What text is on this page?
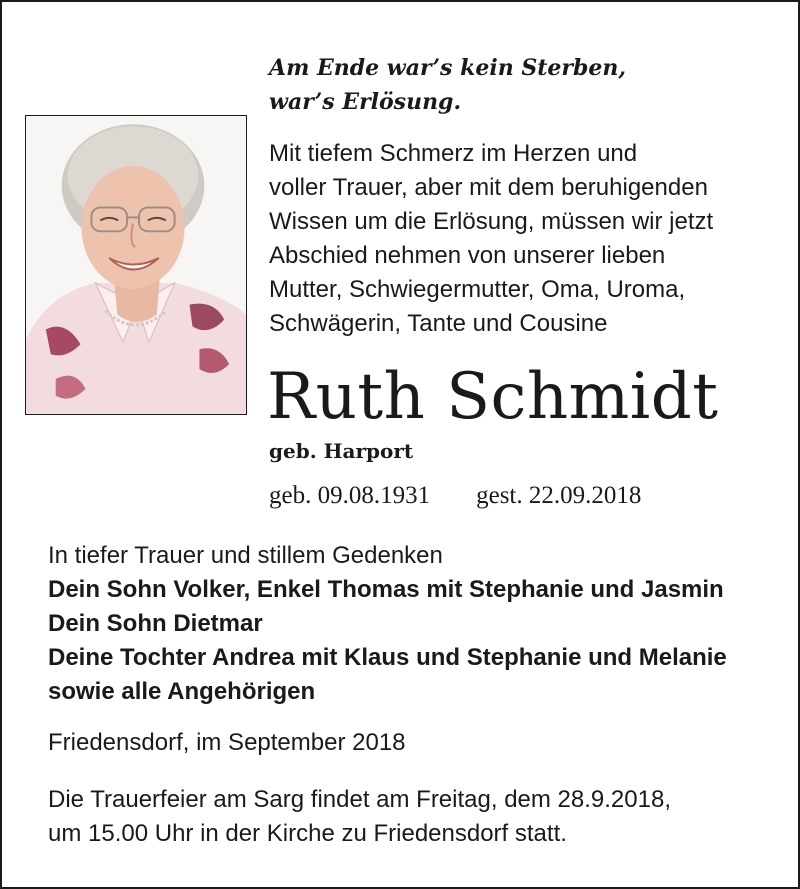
Am Ende war’s kein Sterben,
war’s Erlösung.
Mit tiefem Schmerz im Herzen und
voller Trauer, aber mit dem beruhigenden
Wissen um die Erlösung, müssen wir jetzt
Abschied nehmen von unserer lieben
Mutter, Schwiegermutter, Oma, Uroma,
Schwägerin, Tante und Cousine
Ruth Schmidt
geb. Harport
geb. 09.08.1931 gest. 22.09.2018
In tiefer Trauer und stillem Gedenken
Dein Sohn Volker, Enkel Thomas mit Stephanie und Jasmin
Dein Sohn Dietmar
Deine Tochter Andrea mit Klaus und Stephanie und Melanie
sowie alle Angehörigen
Friedensdorf, im September 2018
Die Trauerfeier am Sarg findet am Freitag, dem 28.9.2018,
um 15.00 Uhr in der Kirche zu Friedensdorf statt.
